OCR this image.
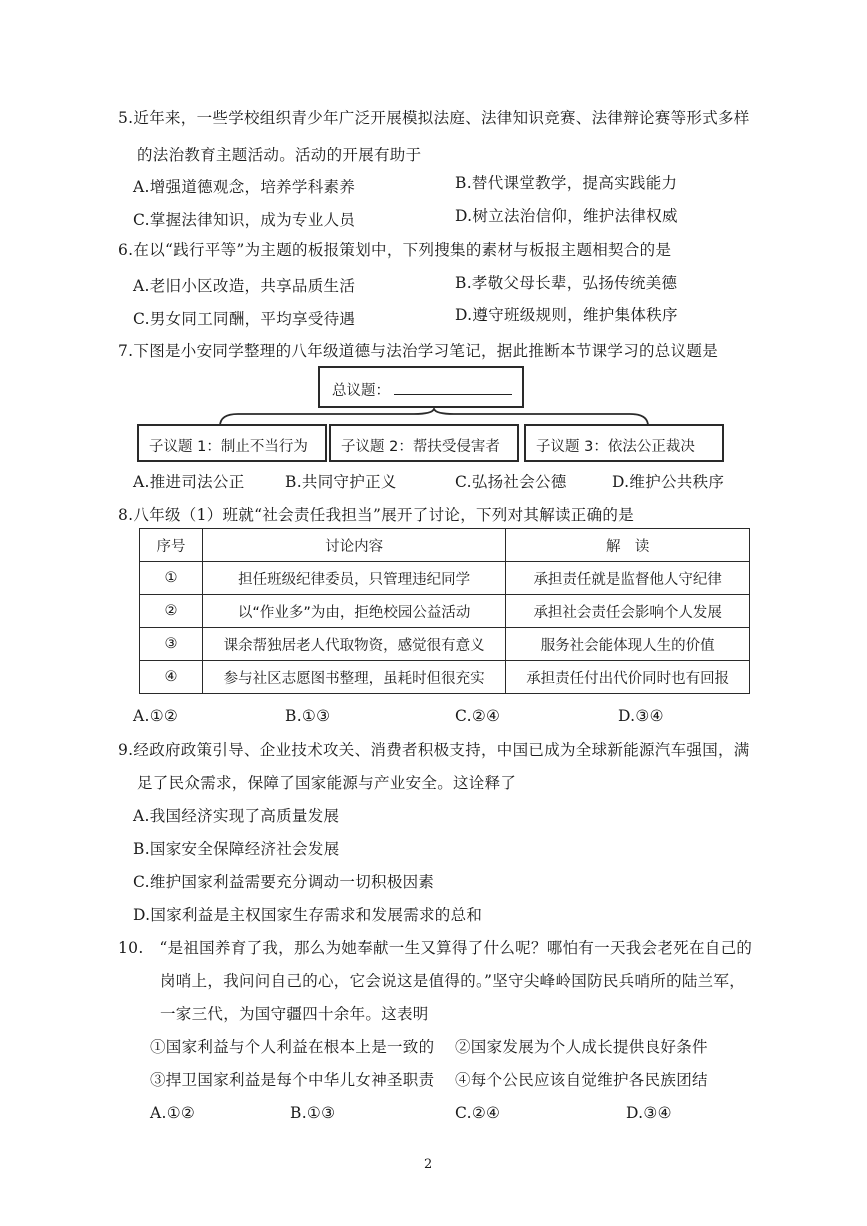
5.近年来，一些学校组织青少年广泛开展模拟法庭、法律知识竞赛、法律辩论赛等形式多样
的法治教育主题活动。活动的开展有助于
A.增强道德观念，培养学科素养	B.替代课堂教学，提高实践能力
C.掌握法律知识，成为专业人员	D.树立法治信仰，维护法律权威
6.在以“践行平等”为主题的板报策划中，下列搜集的素材与板报主题相契合的是
A.老旧小区改造，共享品质生活	B.孝敬父母长辈，弘扬传统美德
C.男女同工同酬，平均享受待遇	D.遵守班级规则，维护集体秩序
7.下图是小安同学整理的八年级道德与法治学习笔记，据此推断本节课学习的总议题是
总议题：
子议题 1：制止不当行为 子议题 2：帮扶受侵害者 子议题 3：依法公正裁决
A.推进司法公正	B.共同守护正义	C.弘扬社会公德	D.维护公共秩序
8.八年级（1）班就“社会责任我担当”展开了讨论，下列对其解读正确的是
序号	讨论内容	解　读
①	担任班级纪律委员，只管理违纪同学	承担责任就是监督他人守纪律
②	以“作业多”为由，拒绝校园公益活动	承担社会责任会影响个人发展
③	课余帮独居老人代取物资，感觉很有意义	服务社会能体现人生的价值
④	参与社区志愿图书整理，虽耗时但很充实	承担责任付出代价同时也有回报
A.①②	B.①③	C.②④	D.③④
9.经政府政策引导、企业技术攻关、消费者积极支持，中国已成为全球新能源汽车强国，满
足了民众需求，保障了国家能源与产业安全。这诠释了
A.我国经济实现了高质量发展
B.国家安全保障经济社会发展
C.维护国家利益需要充分调动一切积极因素
D.国家利益是主权国家生存需求和发展需求的总和
10.　“是祖国养育了我，那么为她奉献一生又算得了什么呢？哪怕有一天我会老死在自己的
岗哨上，我问问自己的心，它会说这是值得的。”坚守尖峰岭国防民兵哨所的陆兰军，
一家三代，为国守疆四十余年。这表明
①国家利益与个人利益在根本上是一致的 ②国家发展为个人成长提供良好条件
③捍卫国家利益是每个中华儿女神圣职责 ④每个公民应该自觉维护各民族团结
A.①②	B.①③	C.②④	D.③④
2
